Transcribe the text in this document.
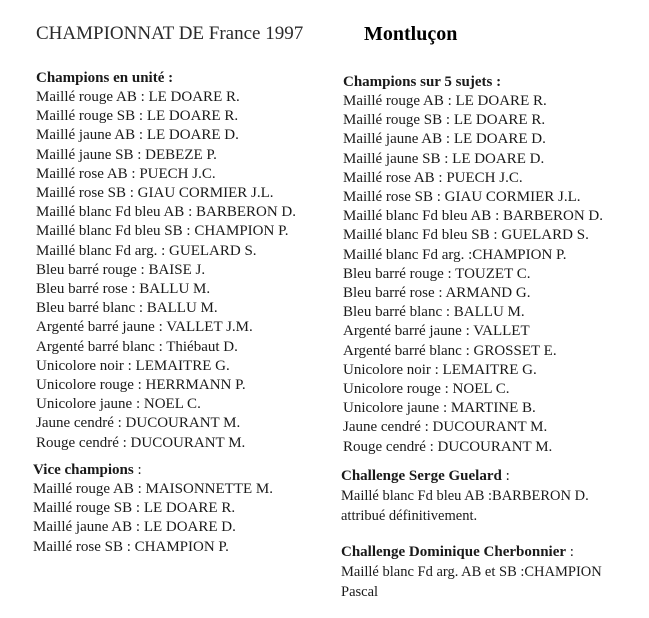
CHAMPIONNAT DE France 1997	Montluçon
Champions en unité :
Maillé rouge AB : LE DOARE R.
Maillé rouge SB : LE DOARE R.
Maillé jaune AB : LE DOARE D.
Maillé jaune SB : DEBEZE P.
Maillé rose AB : PUECH J.C.
Maillé rose SB : GIAU CORMIER J.L.
Maillé blanc Fd bleu AB : BARBERON D.
Maillé blanc Fd bleu SB : CHAMPION P.
Maillé blanc Fd arg. : GUELARD S.
Bleu barré rouge : BAISE J.
Bleu barré rose : BALLU M.
Bleu barré blanc : BALLU M.
Argenté barré jaune : VALLET J.M.
Argenté barré blanc : Thiébaut D.
Unicolore noir : LEMAITRE G.
Unicolore rouge : HERRMANN P.
Unicolore jaune : NOEL C.
Jaune cendré : DUCOURANT M.
Rouge cendré : DUCOURANT M.
Vice champions :
Maillé rouge AB : MAISONNETTE M.
Maillé rouge SB : LE DOARE R.
Maillé jaune AB : LE DOARE D.
Maillé rose SB : CHAMPION P.
Champions sur 5 sujets :
Maillé rouge AB : LE DOARE R.
Maillé rouge SB : LE DOARE R.
Maillé jaune AB : LE DOARE D.
Maillé jaune SB : LE DOARE D.
Maillé rose AB : PUECH J.C.
Maillé rose SB : GIAU CORMIER J.L.
Maillé blanc Fd bleu AB : BARBERON D.
Maillé blanc Fd bleu SB : GUELARD S.
Maillé blanc Fd arg. :CHAMPION P.
Bleu barré rouge : TOUZET C.
Bleu barré rose : ARMAND G.
Bleu barré blanc : BALLU M.
Argenté barré jaune : VALLET
Argenté barré blanc : GROSSET E.
Unicolore noir : LEMAITRE G.
Unicolore rouge : NOEL C.
Unicolore jaune : MARTINE B.
Jaune cendré : DUCOURANT M.
Rouge cendré : DUCOURANT M.
Challenge Serge Guelard :
Maillé blanc Fd bleu AB :BARBERON D.
attribué définitivement.
Challenge Dominique Cherbonnier :
Maillé blanc Fd arg. AB et SB :CHAMPION
Pascal
